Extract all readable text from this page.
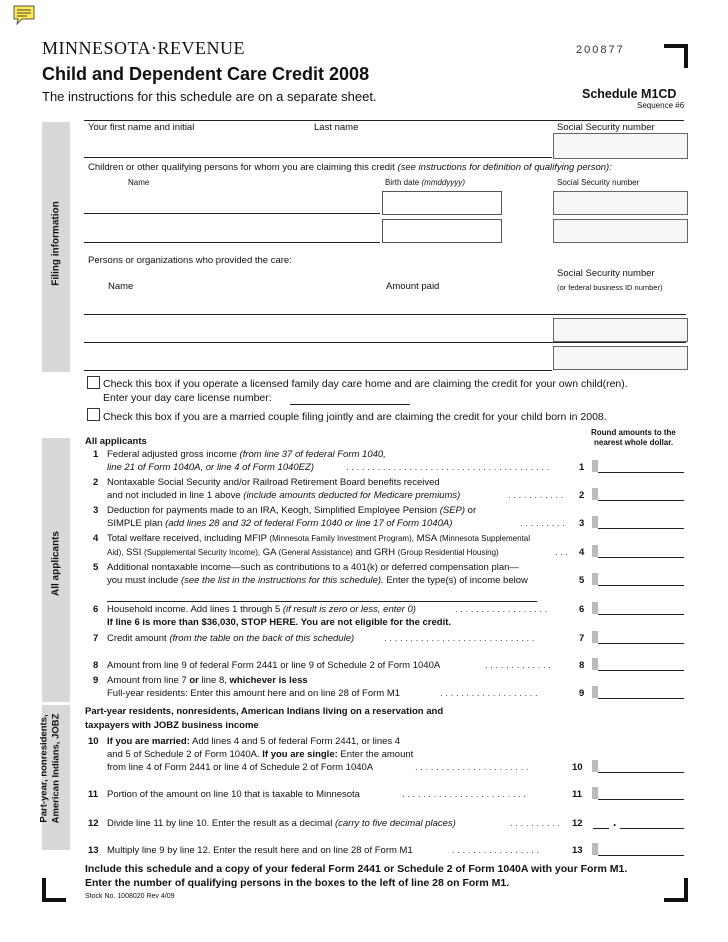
MINNESOTA·REVENUE	200877
Child and Dependent Care Credit 2008
The instructions for this schedule are on a separate sheet.	Schedule M1CD
Sequence #6
Filing information
All applicants
Part-year, nonresidents, American Indians, JOBZ
Your first name and initial	Last name	Social Security number
Children or other qualifying persons for whom you are claiming this credit (see instructions for definition of qualifying person):
Name	Birth date (mmddyyyy)	Social Security number
Persons or organizations who provided the care:
Social Security number
Name	Amount paid	(or federal business ID number)
Check this box if you operate a licensed family day care home and are claiming the credit for your own child(ren).
Enter your day care license number:
Check this box if you are a married couple filing jointly and are claiming the credit for your child born in 2008.
Round amounts to the
nearest whole dollar.
All applicants
1 Federal adjusted gross income (from line 37 of federal Form 1040,
line 21 of Form 1040A, or line 4 of Form 1040EZ)	. . . . . . . . . . . . . . . . . . . . . . . . . . . . . . . . . . . . . . .	1
2 Nontaxable Social Security and/or Railroad Retirement Board benefits received
and not included in line 1 above (include amounts deducted for Medicare premiums)	. . . . . . . . . . . 2
3 Deduction for payments made to an IRA, Keogh, Simplified Employee Pension (SEP) or
SIMPLE plan (add lines 28 and 32 of federal Form 1040 or line 17 of Form 1040A)	. . . . . . . . . 3
4 Total welfare received, including MFIP (Minnesota Family Investment Program), MSA (Minnesota Supplemental
Aid), SSI (Supplemental Security Income), GA (General Assistance) and GRH (Group Residential Housing)	. . . 4
5 Additional nontaxable income—such as contributions to a 401(k) or deferred compensation plan—
you must include (see the list in the instructions for this schedule). Enter the type(s) of income below	5
6 Household income. Add lines 1 through 5 (if result is zero or less, enter 0)	. . . . . . . . . . . . . . . . . .	6
If line 6 is more than $36,030, STOP HERE. You are not eligible for the credit.
7 Credit amount (from the table on the back of this schedule)	. . . . . . . . . . . . . . . . . . . . . . . . . . . . .	7
8 Amount from line 9 of federal Form 2441 or line 9 of Schedule 2 of Form 1040A	. . . . . . . . . . . . .	8
9 Amount from line 7 or line 8, whichever is less
Full-year residents: Enter this amount here and on line 28 of Form M1	. . . . . . . . . . . . . . . . . . .	9
Part-year residents, nonresidents, American Indians living on a reservation and
taxpayers with JOBZ business income
10 If you are married: Add lines 4 and 5 of federal Form 2441, or lines 4
and 5 of Schedule 2 of Form 1040A. If you are single: Enter the amount
from line 4 of Form 2441 or line 4 of Schedule 2 of Form 1040A	. . . . . . . . . . . . . . . . . . . . . .	10
11 Portion of the amount on line 10 that is taxable to Minnesota	. . . . . . . . . . . . . . . . . . . . . . . .	11
12 Divide line 11 by line 10. Enter the result as a decimal (carry to five decimal places)	. . . . . . . . . . 12	.
13 Multiply line 9 by line 12. Enter the result here and on line 28 of Form M1	. . . . . . . . . . . . . . . . .	13
Include this schedule and a copy of your federal Form 2441 or Schedule 2 of Form 1040A with your Form M1.
Enter the number of qualifying persons in the boxes to the left of line 28 on Form M1.
Stock No. 1008020 Rev 4/09
